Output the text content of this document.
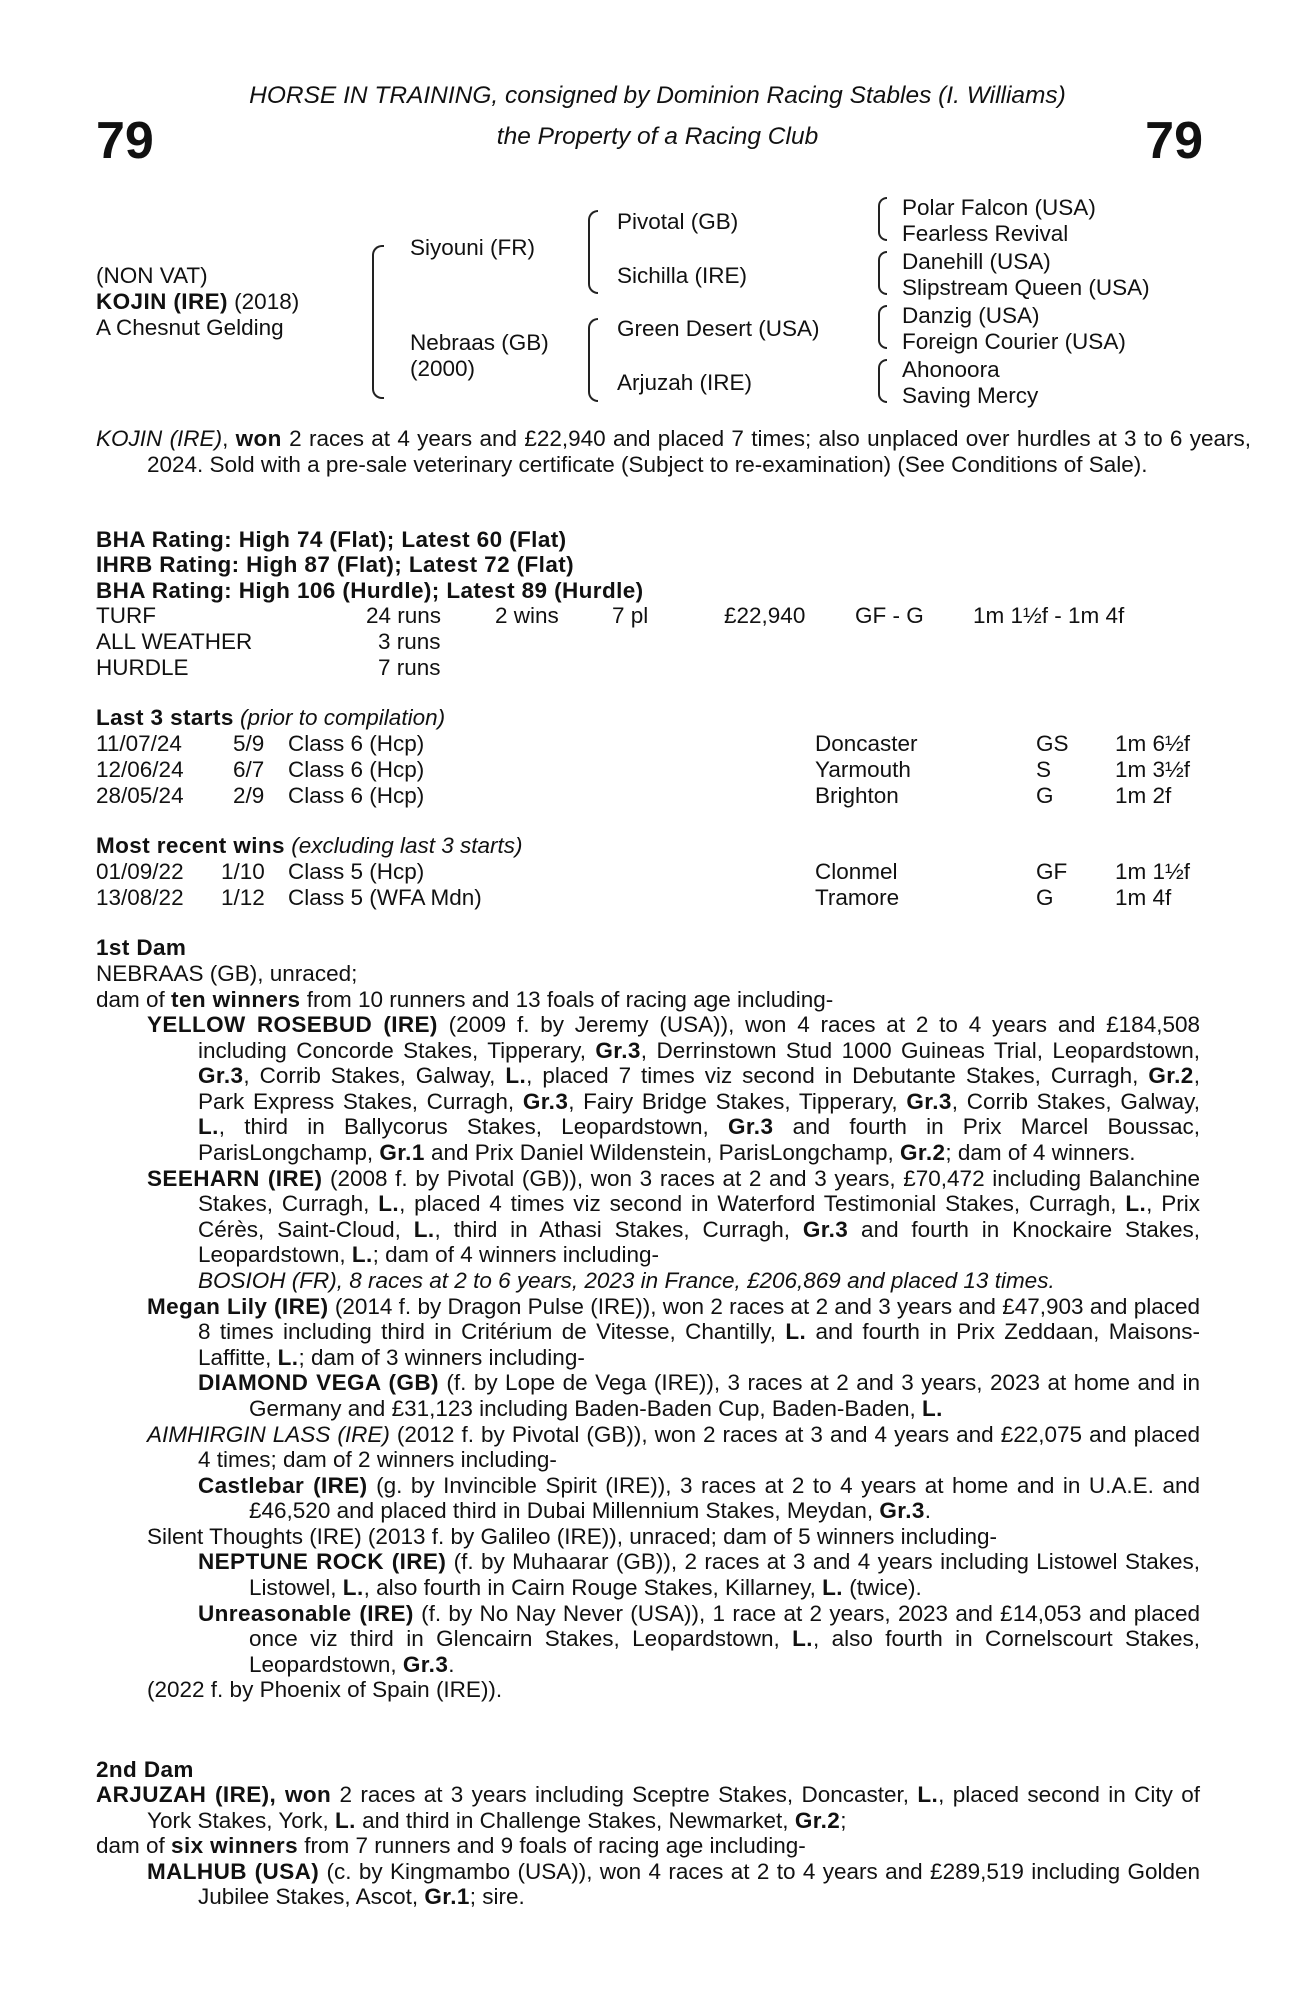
79	79
HORSE IN TRAINING, consigned by Dominion Racing Stables (I. Williams)
the Property of a Racing Club
(NON VAT)
KOJIN (IRE) (2018)
A Chesnut Gelding
Siyouni (FR)
Nebraas (GB)
(2000)
Pivotal (GB)
Sichilla (IRE)
Green Desert (USA)
Arjuzah (IRE)
Polar Falcon (USA)
Fearless Revival
Danehill (USA)
Slipstream Queen (USA)
Danzig (USA)
Foreign Courier (USA)
Ahonoora
Saving Mercy

KOJIN (IRE), won 2 races at 4 years and £22,940 and placed 7 times; also unplaced over hurdles at 3 to 6 years, 2024. Sold with a pre-sale veterinary certificate (Subject to re-examination) (See Conditions of Sale).

BHA Rating: High 74 (Flat); Latest 60 (Flat)
IHRB Rating: High 87 (Flat); Latest 72 (Flat)
BHA Rating: High 106 (Hurdle); Latest 89 (Hurdle)
TURF	24 runs 2 wins 7 pl	£22,940 GF - G 1m 1½f - 1m 4f
ALL WEATHER	3 runs
HURDLE	7 runs
Last 3 starts (prior to compilation)
11/07/24 5/9 Class 6 (Hcp)	Doncaster	GS 1m 6½f
12/06/24 6/7 Class 6 (Hcp)	Yarmouth	S	1m 3½f
28/05/24 2/9 Class 6 (Hcp)	Brighton	G	1m 2f
Most recent wins (excluding last 3 starts)
01/09/22 1/10 Class 5 (Hcp)	Clonmel	GF 1m 1½f
13/08/22 1/12 Class 5 (WFA Mdn)	Tramore	G	1m 4f
1st Dam
NEBRAAS (GB), unraced;
dam of ten winners from 10 runners and 13 foals of racing age including-

YELLOW ROSEBUD (IRE) (2009 f. by Jeremy (USA)), won 4 races at 2 to 4 years and £184,508 including Concorde Stakes, Tipperary, Gr.3, Derrinstown Stud 1000 Guineas Trial, Leopardstown, Gr.3, Corrib Stakes, Galway, L., placed 7 times viz second in Debutante Stakes, Curragh, Gr.2, Park Express Stakes, Curragh, Gr.3, Fairy Bridge Stakes, Tipperary, Gr.3, Corrib Stakes, Galway, L., third in Ballycorus Stakes, Leopardstown, Gr.3 and fourth in Prix Marcel Boussac, ParisLongchamp, Gr.1 and Prix Daniel Wildenstein, ParisLongchamp, Gr.2; dam of 4 winners.

SEEHARN (IRE) (2008 f. by Pivotal (GB)), won 3 races at 2 and 3 years, £70,472 including Balanchine Stakes, Curragh, L., placed 4 times viz second in Waterford Testimonial Stakes, Curragh, L., Prix Cérès, Saint-Cloud, L., third in Athasi Stakes, Curragh, Gr.3 and fourth in Knockaire Stakes, Leopardstown, L.; dam of 4 winners including-

BOSIOH (FR), 8 races at 2 to 6 years, 2023 in France, £206,869 and placed 13 times.

Megan Lily (IRE) (2014 f. by Dragon Pulse (IRE)), won 2 races at 2 and 3 years and £47,903 and placed 8 times including third in Critérium de Vitesse, Chantilly, L. and fourth in Prix Zeddaan, Maisons-Laffitte, L.; dam of 3 winners including-

DIAMOND VEGA (GB) (f. by Lope de Vega (IRE)), 3 races at 2 and 3 years, 2023 at home and in Germany and £31,123 including Baden-Baden Cup, Baden-Baden, L.

AIMHIRGIN LASS (IRE) (2012 f. by Pivotal (GB)), won 2 races at 3 and 4 years and £22,075 and placed 4 times; dam of 2 winners including-

Castlebar (IRE) (g. by Invincible Spirit (IRE)), 3 races at 2 to 4 years at home and in U.A.E. and £46,520 and placed third in Dubai Millennium Stakes, Meydan, Gr.3.

Silent Thoughts (IRE) (2013 f. by Galileo (IRE)), unraced; dam of 5 winners including-

NEPTUNE ROCK (IRE) (f. by Muhaarar (GB)), 2 races at 3 and 4 years including Listowel Stakes, Listowel, L., also fourth in Cairn Rouge Stakes, Killarney, L. (twice).

Unreasonable (IRE) (f. by No Nay Never (USA)), 1 race at 2 years, 2023 and £14,053 and placed once viz third in Glencairn Stakes, Leopardstown, L., also fourth in Cornelscourt Stakes, Leopardstown, Gr.3.

(2022 f. by Phoenix of Spain (IRE)).

2nd Dam

ARJUZAH (IRE), won 2 races at 3 years including Sceptre Stakes, Doncaster, L., placed second in City of York Stakes, York, L. and third in Challenge Stakes, Newmarket, Gr.2;

dam of six winners from 7 runners and 9 foals of racing age including-

MALHUB (USA) (c. by Kingmambo (USA)), won 4 races at 2 to 4 years and £289,519 including Golden Jubilee Stakes, Ascot, Gr.1; sire.
